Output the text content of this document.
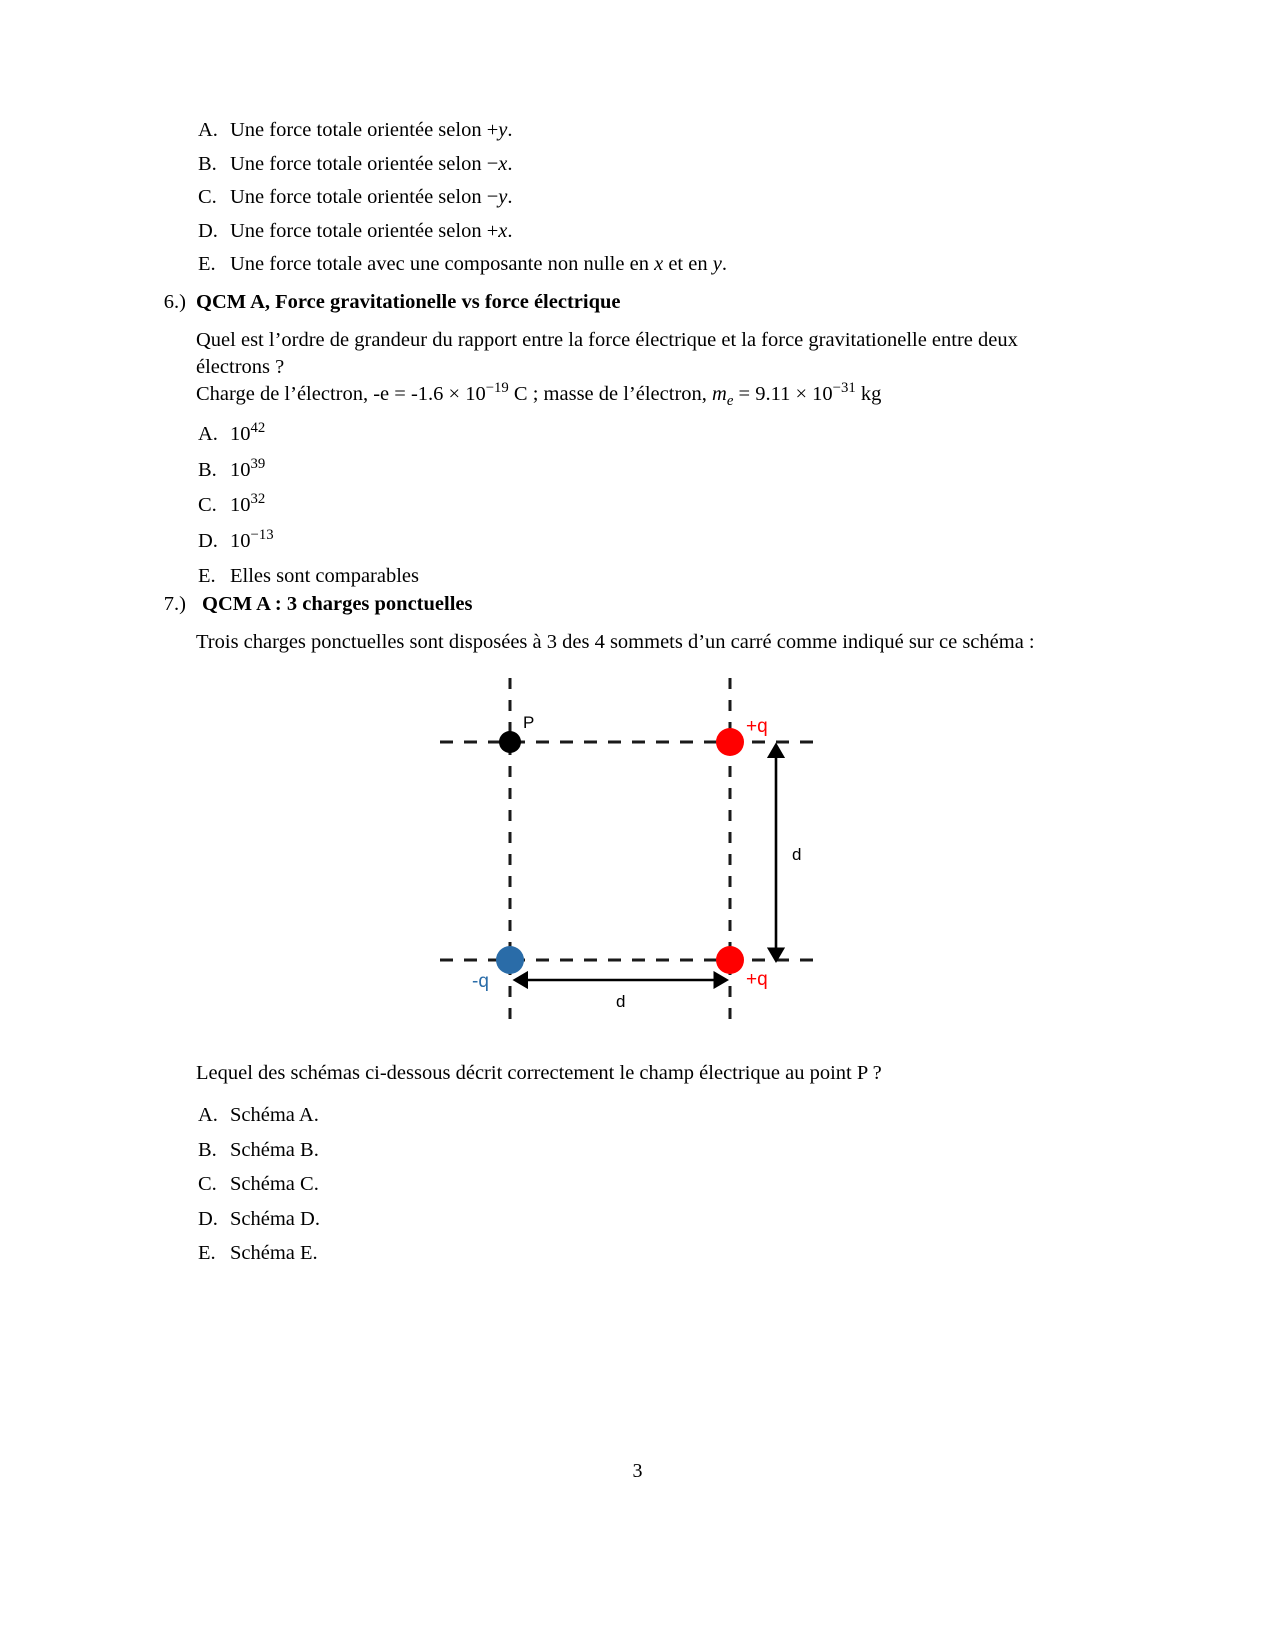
A. Une force totale orientée selon +y.
B. Une force totale orientée selon −x.
C. Une force totale orientée selon −y.
D. Une force totale orientée selon +x.
E. Une force totale avec une composante non nulle en x et en y.
6.) QCM A, Force gravitationelle vs force électrique
Quel est l’ordre de grandeur du rapport entre la force électrique et la force gravitationelle entre deux électrons ?
Charge de l’électron, $-e = -1.6 \times 10^{-19}$ C ; masse de l’électron, $m_e = 9.11 \times 10^{-31}$ kg
A. $10^{42}$
B. $10^{39}$
C. $10^{32}$
D. $10^{-13}$
E. Elles sont comparables
7.) QCM A : 3 charges ponctuelles
Trois charges ponctuelles sont disposées à 3 des 4 sommets d’un carré comme indiqué sur ce schéma :
d
d
P	+q
-q	+q
Lequel des schémas ci-dessous décrit correctement le champ électrique au point P ?
A. Schéma A.
B. Schéma B.
C. Schéma C.
D. Schéma D.
E. Schéma E.
3
